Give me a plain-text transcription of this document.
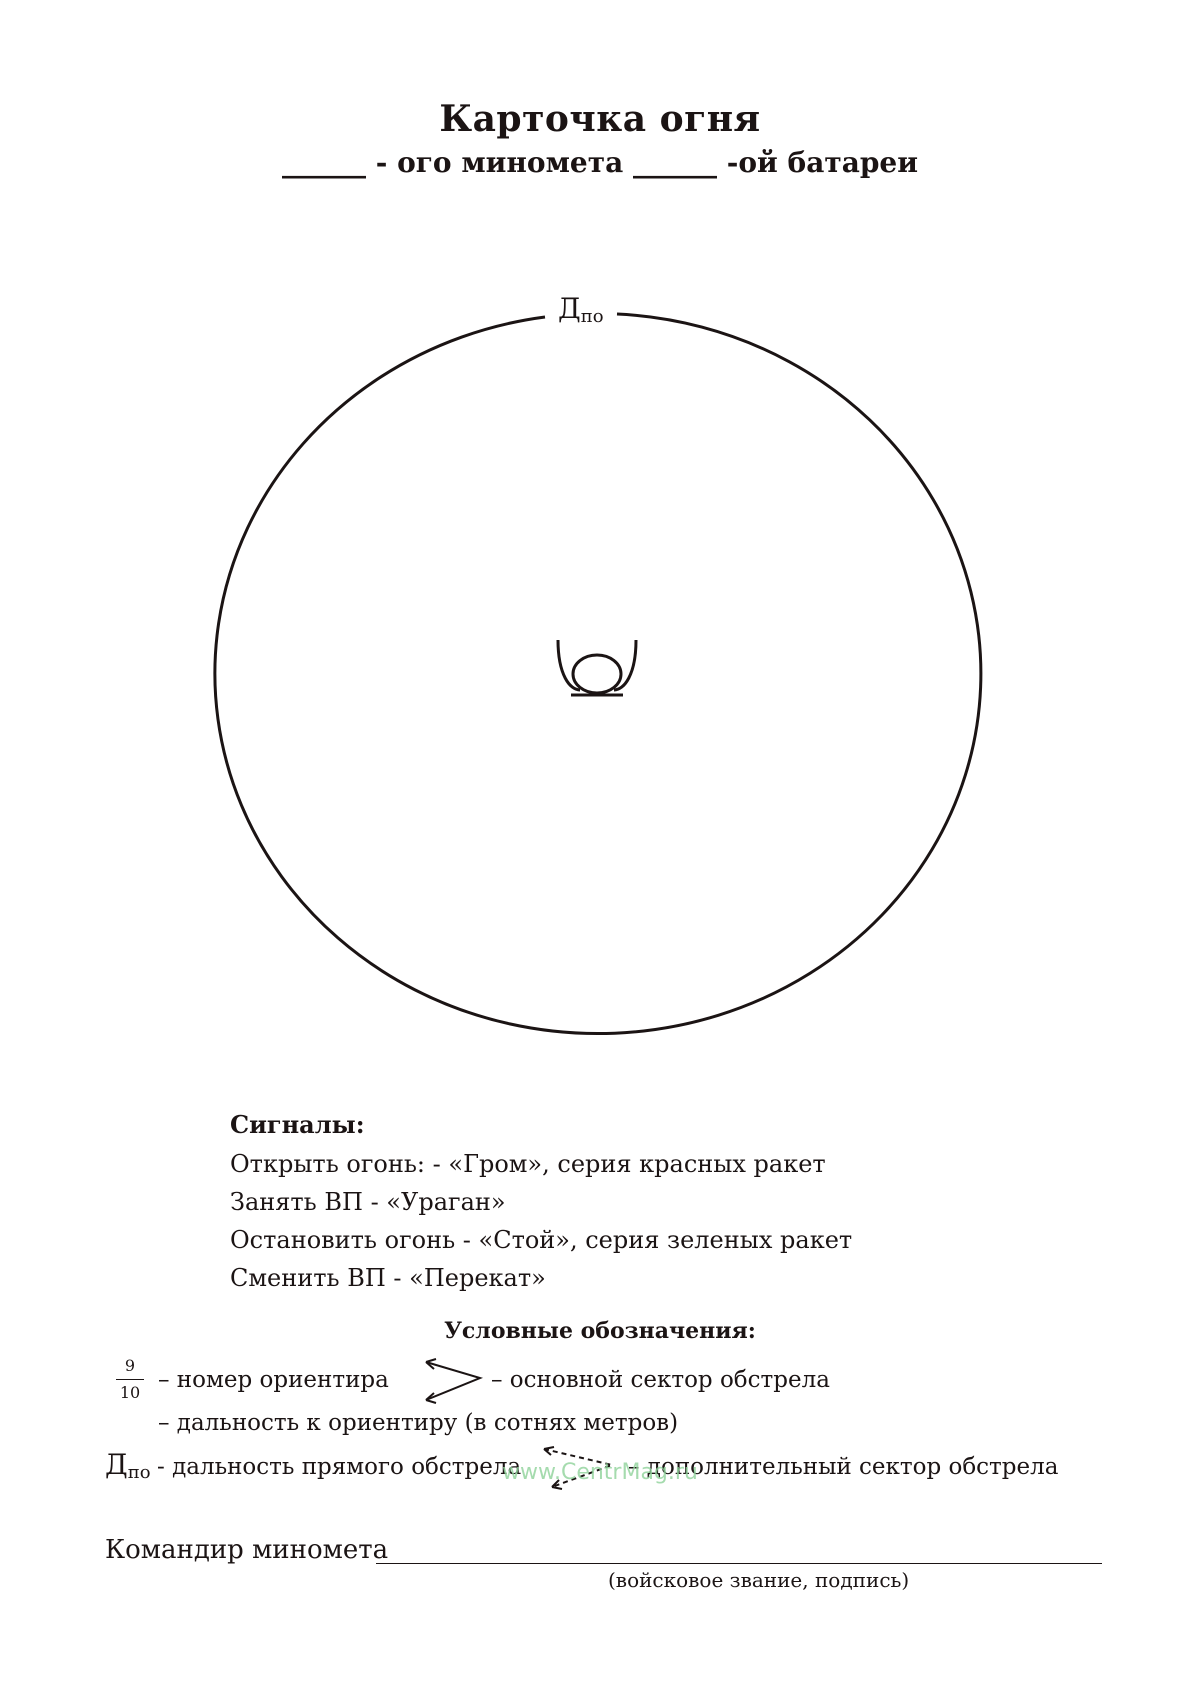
Карточка огня
______ - ого миномета ______ -ой батареи
$Д_{по}$
Сигналы:
Открыть огонь: - «Гром», серия красных ракет
Занять ВП - «Ураган»
Остановить огонь - «Стой», серия зеленых ракет
Сменить ВП - «Перекат»
Условные обозначения:
9
10 – номер ориентира
– дальность к ориентиру (в сотнях метров)
– основной сектор обстрела
$Д_{по}$ - дальность прямого обстрела	– дополнительный сектор обстрела
www.CentrMag.ru
Командир миномета
(войсковое звание, подпись)
